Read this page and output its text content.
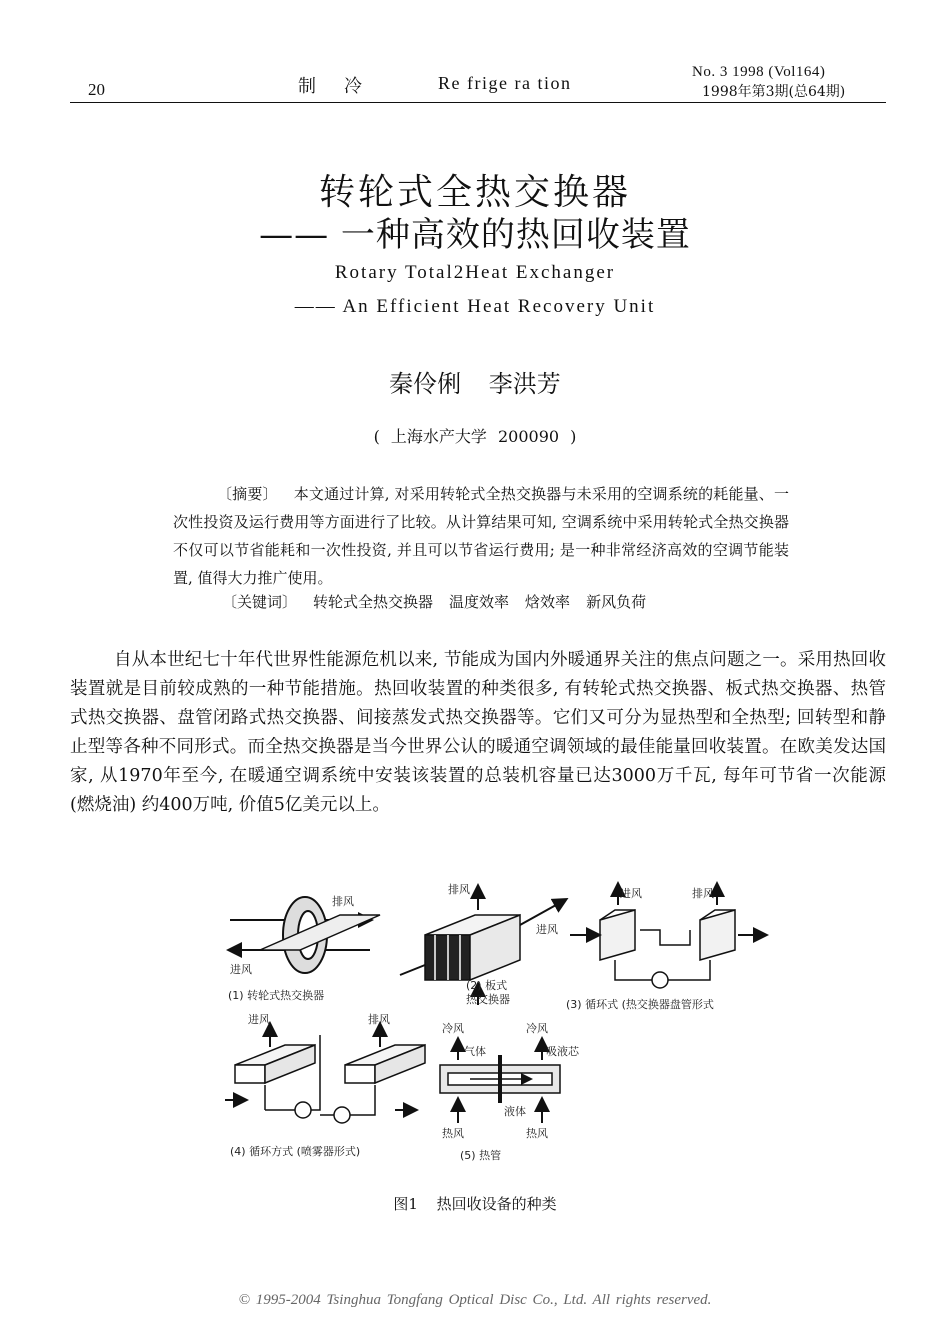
20	制冷	Re frige ra tion
No. 3 1998 (Vol164)
1998年第3期(总64期)
转轮式全热交换器
—— 一种高效的热回收装置
Rotary Total2Heat Exchanger
—— An Efficient Heat Recovery Unit
秦伶俐 李洪芳
( 上海水产大学 200090 )
〔摘要〕 本文通过计算, 对采用转轮式全热交换器与未采用的空调系统的耗能量、一次性投资及运行费用等方面进行了比较。从计算结果可知, 空调系统中采用转轮式全热交换器不仅可以节省能耗和一次性投资, 并且可以节省运行费用; 是一种非常经济高效的空调节能装置, 值得大力推广使用。
〔关键词〕 转轮式全热交换器 温度效率 焓效率 新风负荷
自从本世纪七十年代世界性能源危机以来, 节能成为国内外暖通界关注的焦点问题之一。采用热回收装置就是目前较成熟的一种节能措施。热回收装置的种类很多, 有转轮式热交换器、板式热交换器、热管式热交换器、盘管闭路式热交换器、间接蒸发式热交换器等。它们又可分为显热型和全热型; 回转型和静止型等各种不同形式。而全热交换器是当今世界公认的暖通空调领域的最佳能量回收装置。在欧美发达国家, 从1970年至今, 在暖通空调系统中安装该装置的总装机容量已达3000万千瓦, 每年可节省一次能源 (燃烧油) 约400万吨, 价值5亿美元以上。
排风
进风
(1) 转轮式热交换器
排风
进风
(2) 板式
热交换器
进风	排风
(3) 循环式 (热交换器盘管形式
进风	排风
(4) 循环方式 (喷雾器形式)
冷风	冷风
气体	吸液芯
液体
热风	热风
(5) 热管
图1 热回收设备的种类
© 1995-2004 Tsinghua Tongfang Optical Disc Co., Ltd. All rights reserved.
